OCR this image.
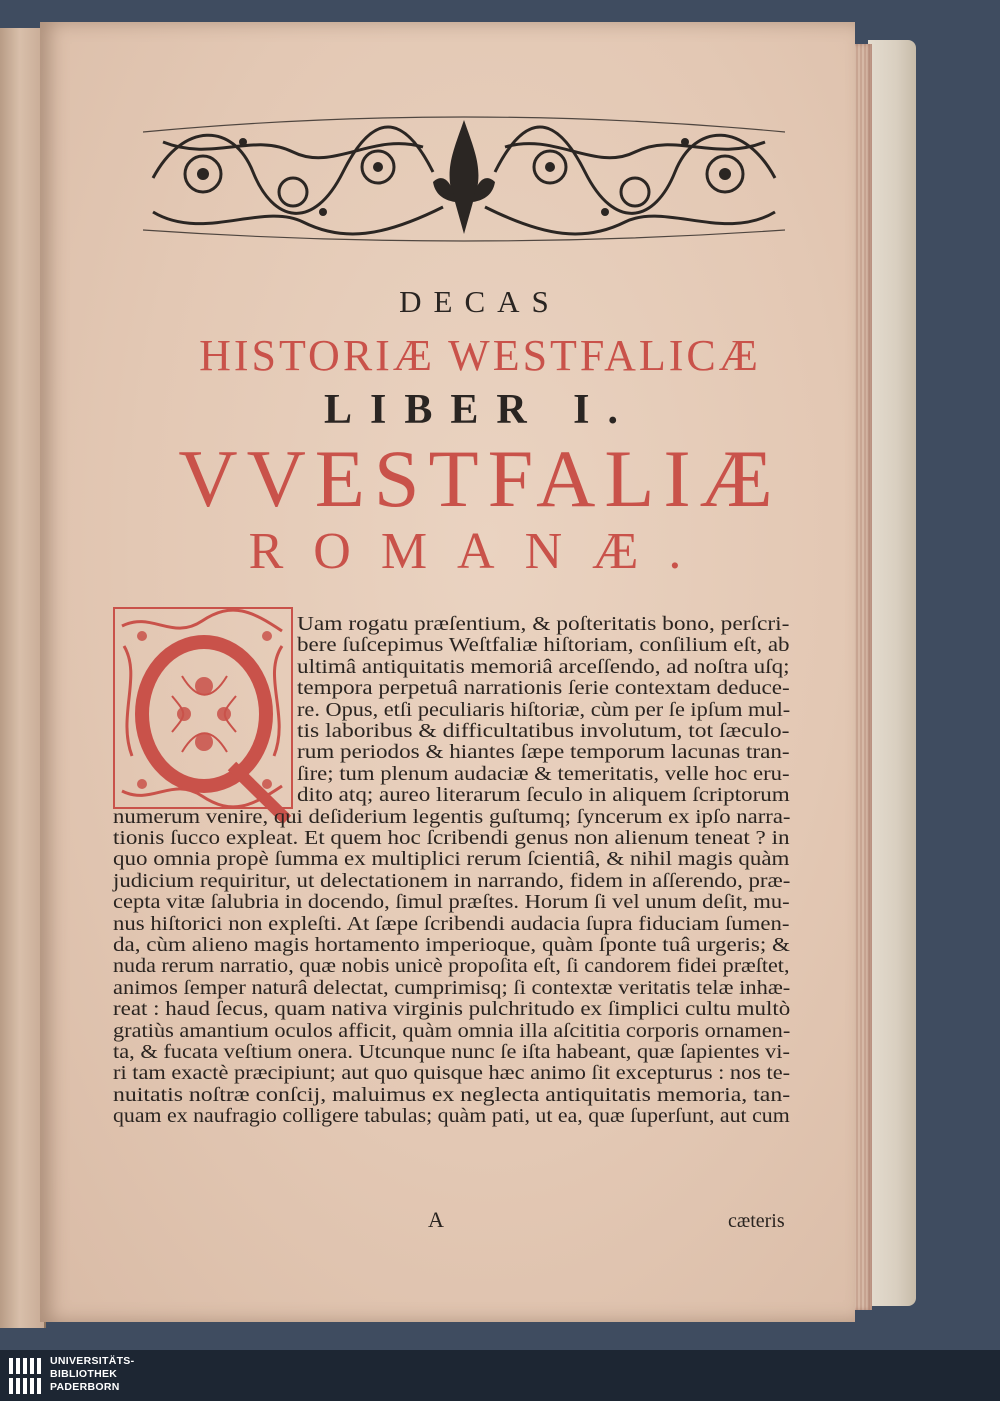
DECAS
HISTORIÆ WESTFALICÆ
LIBER I.
VVESTFALIÆ
ROMANÆ.
Uam rogatu præſentium, & poſteritatis bono, perſcri-
bere ſuſcepimus Weſtfaliæ hiſtoriam, conſilium eſt, ab
ultimâ antiquitatis memoriâ arceſſendo, ad noſtra uſq;
tempora perpetuâ narrationis ſerie contextam deduce-
re. Opus, etſi peculiaris hiſtoriæ, cùm per ſe ipſum mul-
tis laboribus & difficultatibus involutum, tot ſæculo-
rum periodos & hiantes ſæpe temporum lacunas tran-
ſire; tum plenum audaciæ & temeritatis, velle hoc eru-
dito atq; aureo literarum ſeculo in aliquem ſcriptorum
numerum venire, qui deſiderium legentis guſtumq; ſyncerum ex ipſo narra-
tionis ſucco expleat. Et quem hoc ſcribendi genus non alienum teneat ? in
quo omnia propè ſumma ex multiplici rerum ſcientiâ, & nihil magis quàm
judicium requiritur, ut delectationem in narrando, fidem in aſſerendo, præ-
cepta vitæ ſalubria in docendo, ſimul præſtes. Horum ſi vel unum deſit, mu-
nus hiſtorici non expleſti. At ſæpe ſcribendi audacia ſupra fiduciam ſumen-
da, cùm alieno magis hortamento imperioque, quàm ſponte tuâ urgeris; &
nuda rerum narratio, quæ nobis unicè propoſita eſt, ſi candorem fidei præſtet,
animos ſemper naturâ delectat, cumprimisq; ſi contextæ veritatis telæ inhæ-
reat : haud ſecus, quam nativa virginis pulchritudo ex ſimplici cultu multò
gratiùs amantium oculos afficit, quàm omnia illa aſcititia corporis ornamen-
ta, & fucata veſtium onera. Utcunque nunc ſe iſta habeant, quæ ſapientes vi-
ri tam exactè præcipiunt; aut quo quisque hæc animo ſit excepturus : nos te-
nuitatis noſtræ conſcij, maluimus ex neglecta antiquitatis memoria, tan-
quam ex naufragio colligere tabulas; quàm pati, ut ea, quæ ſuperſunt, aut cum
A	cæteris
UNIVERSITÄTS-
BIBLIOTHEK
PADERBORN
